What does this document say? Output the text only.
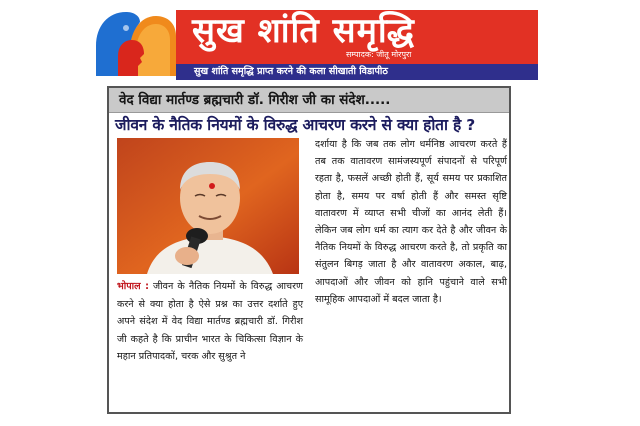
सुख शांति समृद्धि
सम्पादक: जीतू मोरपुरा
सुख शांति समृद्धि प्राप्त करने की कला सीखाती विडापीठ
वेद विद्या मार्तण्ड ब्रह्मचारी डॉ. गिरीश जी का संदेश.....
जीवन के नैतिक नियमों के विरुद्ध आचरण करने से क्या होता है ?

भोपाल : जीवन के नैतिक नियमों के विरुद्ध आचरण करने से क्या होता है ऐसे प्रश्न का उत्तर दर्शाते हुए अपने संदेश में वेद विद्या मार्तण्ड ब्रह्मचारी डॉ. गिरीश जी कहते है कि प्राचीन भारत के चिकित्सा विज्ञान के महान प्रतिपादकों, चरक और सुश्रुत ने

दर्शाया है कि जब तक लोग धर्मनिष्ठ आचरण करते हैं तब तक वातावरण सामंजस्यपूर्ण संपादनों से परिपूर्ण रहता है, फसलें अच्छी होती हैं, सूर्य समय पर प्रकाशित होता है, समय पर वर्षा होती हैं और समस्त सृष्टि वातावरण में व्याप्त सभी चीजों का आनंद लेती हैं। लेकिन जब लोग धर्म का त्याग कर देते है और जीवन के नैतिक नियमों के विरुद्ध आचरण करते है, तो प्रकृति का संतुलन बिगड़ जाता है और वातावरण अकाल, बाढ़, आपदाओं और जीवन को हानि पहुंचाने वाले सभी सामूहिक आपदाओं में बदल जाता है।
